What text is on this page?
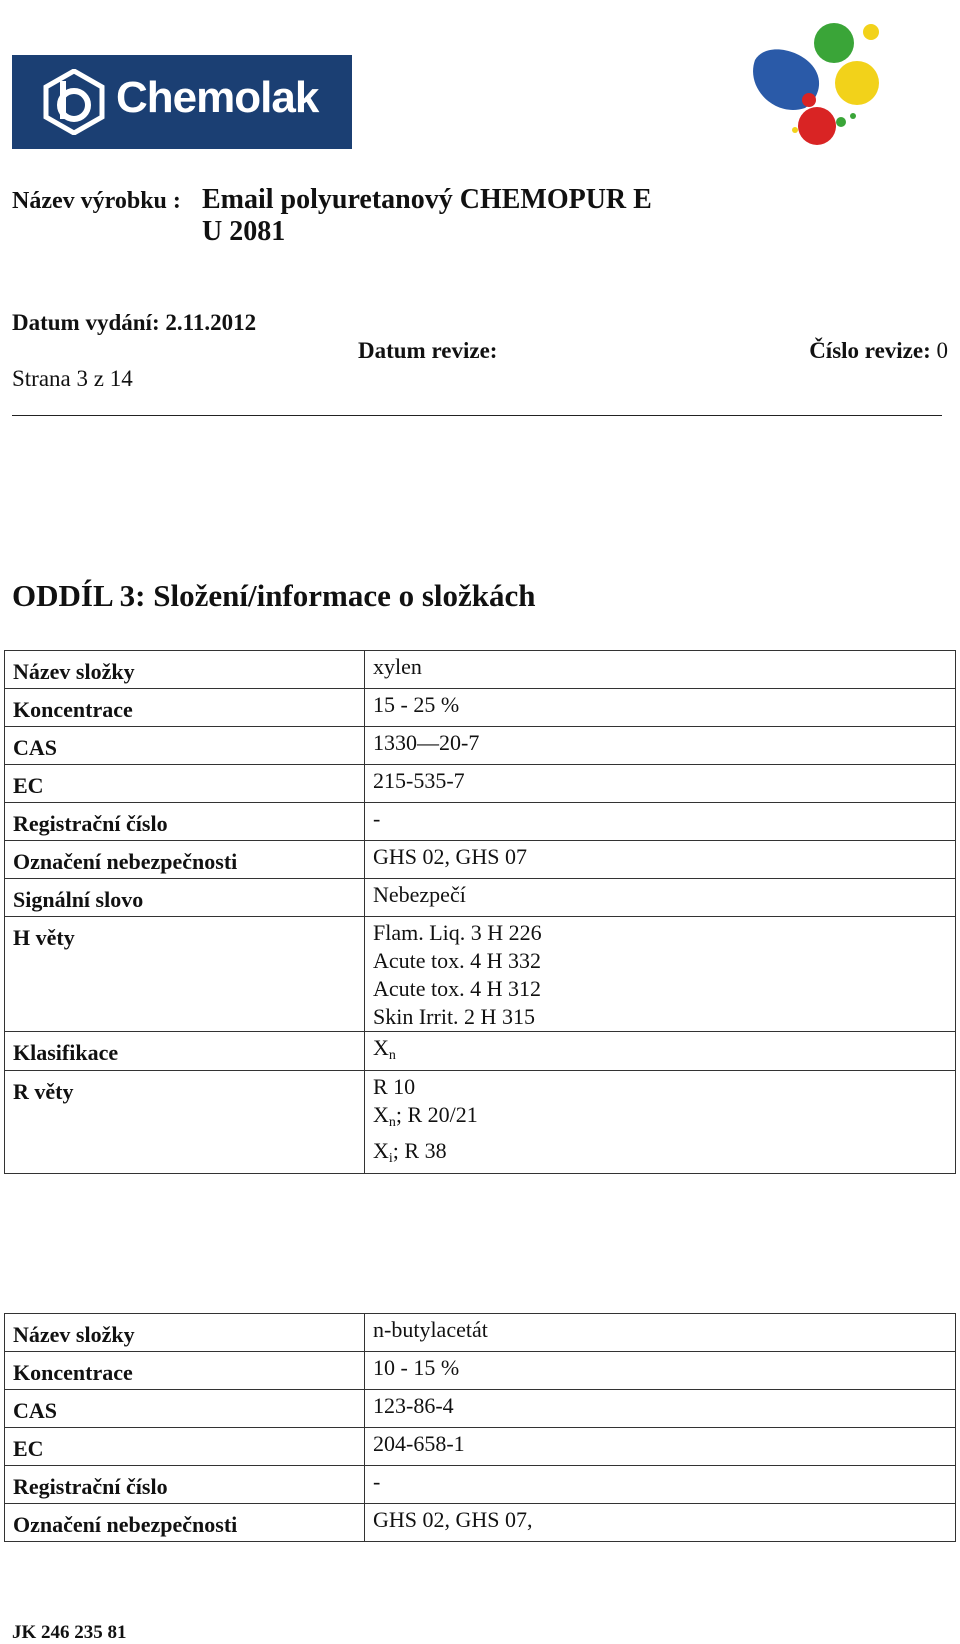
Chemolak
Název výrobku : Email polyuretanový CHEMOPUR E
U 2081
Datum vydání: 2.11.2012
Datum revize:	Číslo revize: 0
Strana 3 z 14
ODDÍL 3: Složení/informace o složkách
Název složky	xylen

Koncentrace	15 - 25 %

CAS	1330—20-7

EC	215-535-7

Registrační číslo	-

Označení nebezpečnosti	GHS 02, GHS 07

Signální slovo	Nebezpečí

H věty	Flam. Liq. 3 H 226
Acute tox. 4 H 332
Acute tox. 4 H 312
Skin Irrit. 2 H 315

Klasifikace	$X_n$

R věty	R 10
$X_n$; R 20/21
$X_i$; R 38
Název složky	n-butylacetát

Koncentrace	10 - 15 %

CAS	123-86-4

EC	204-658-1

Registrační číslo	-

Označení nebezpečnosti	GHS 02, GHS 07,
JK 246 235 81
